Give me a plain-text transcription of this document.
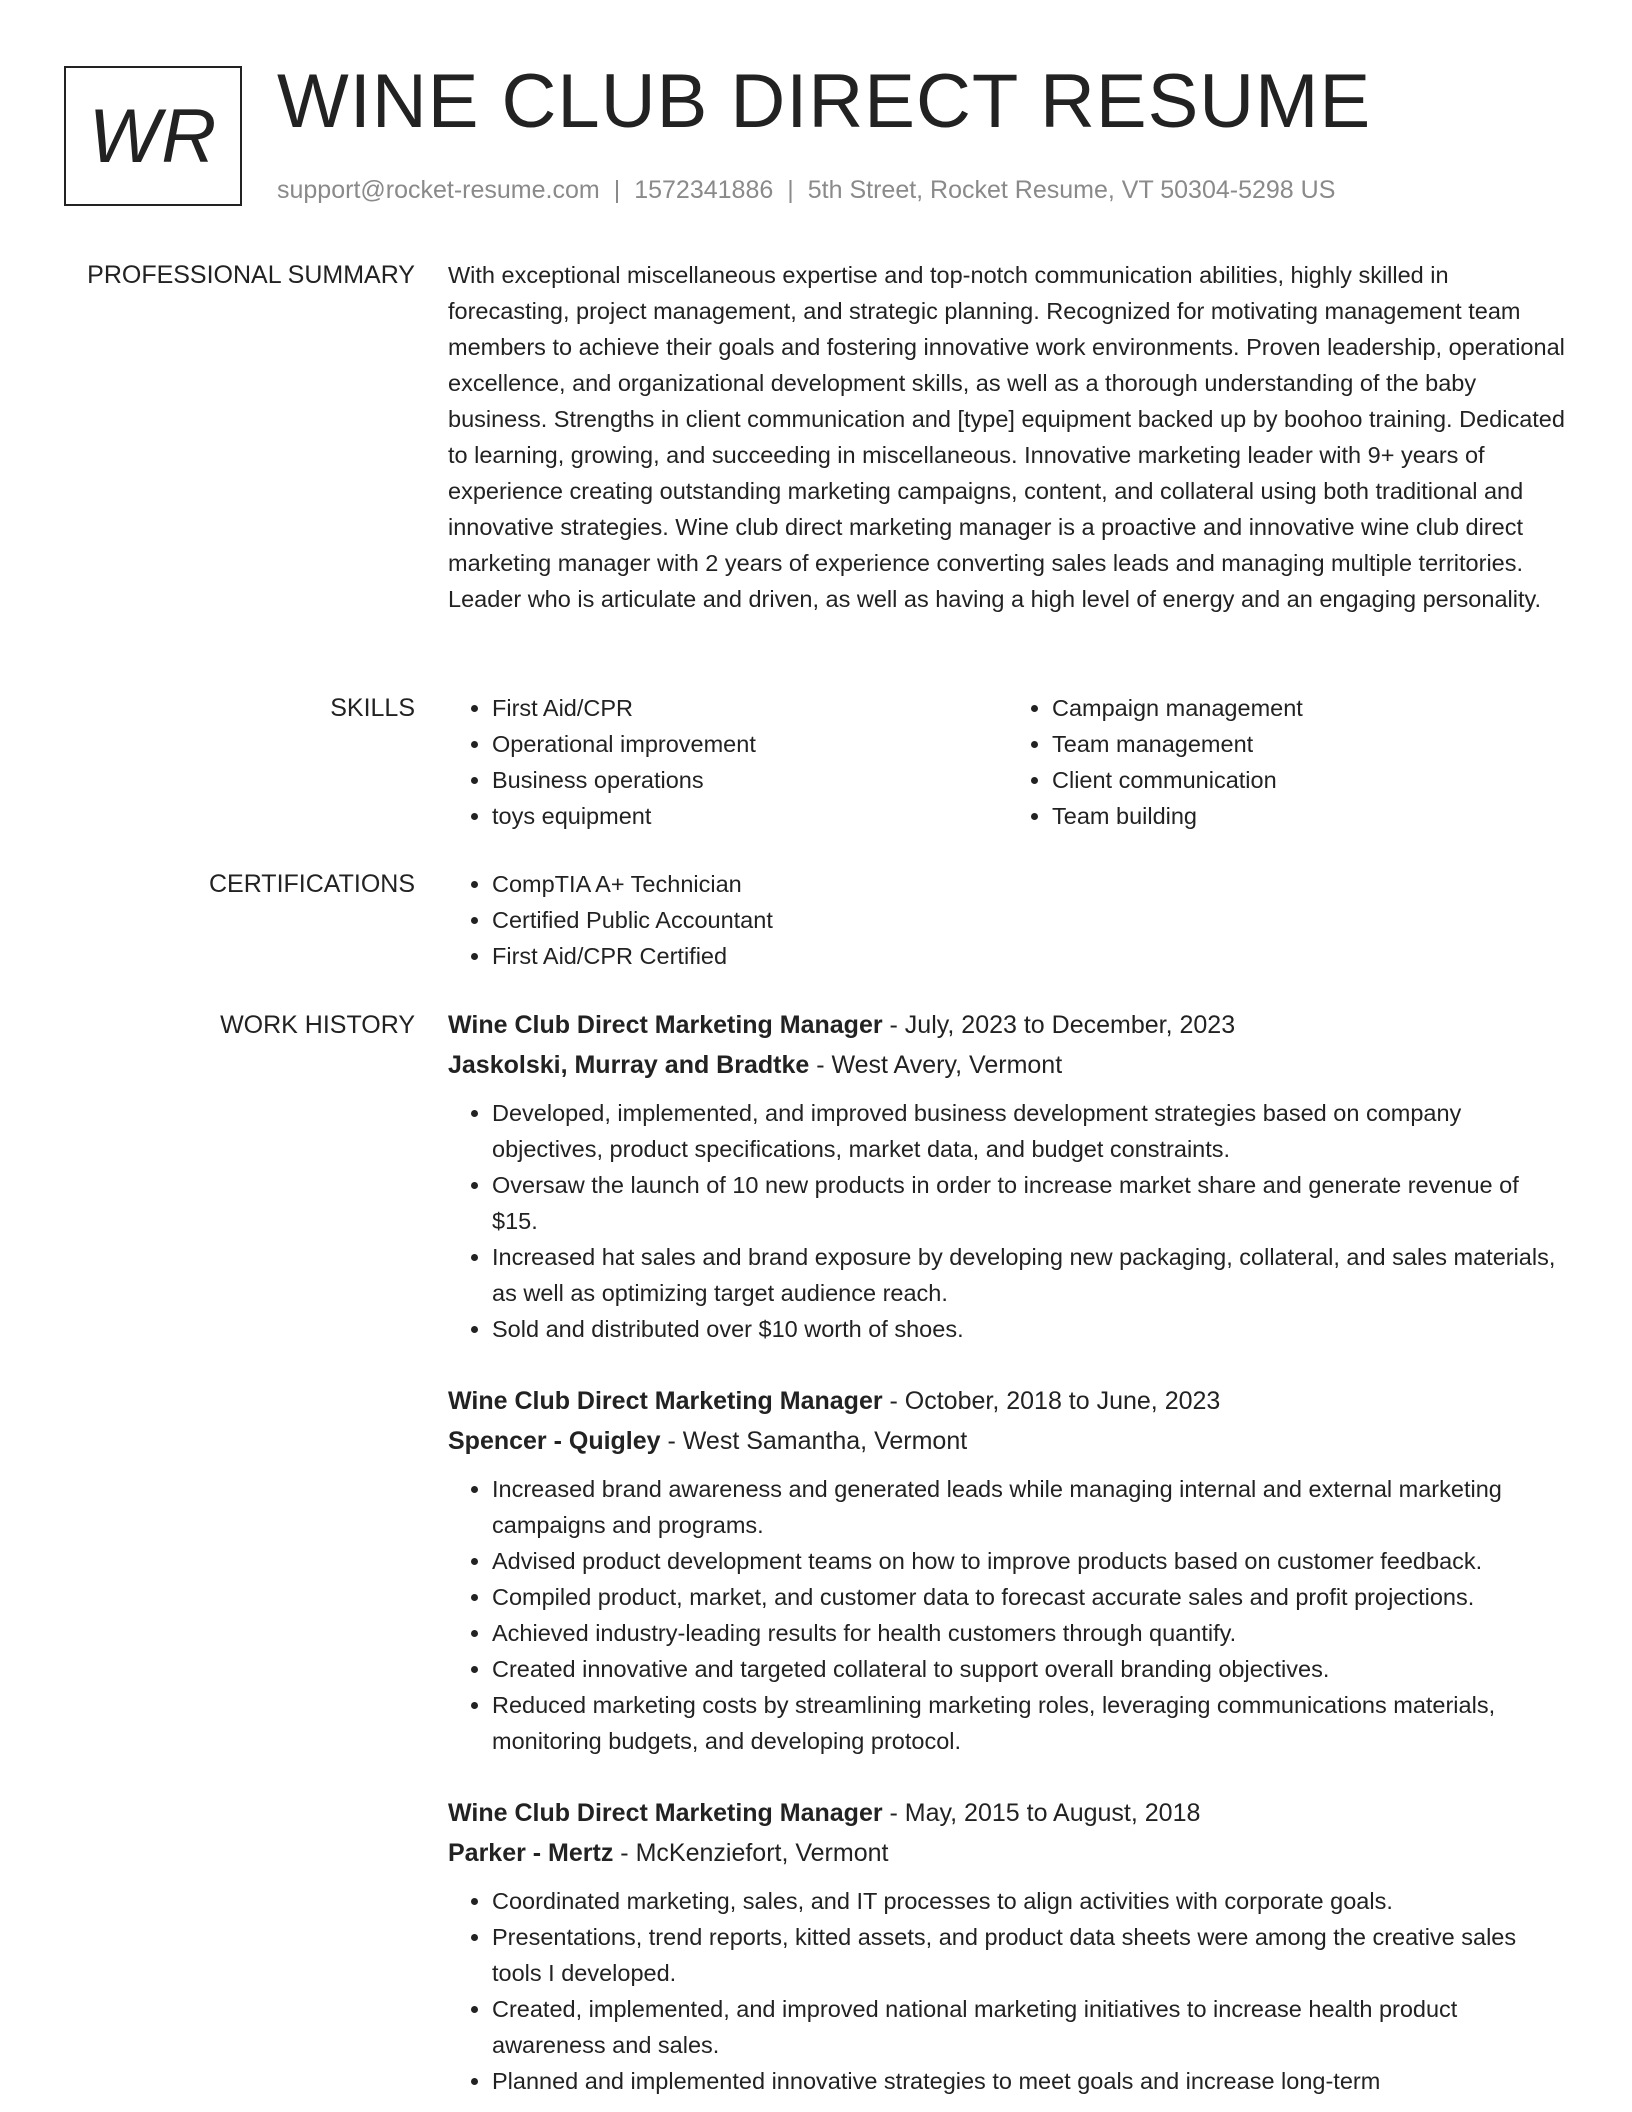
WR WINE CLUB DIRECT RESUME
support@rocket-resume.com | 1572341886 | 5th Street, Rocket Resume, VT 50304-5298 US
PROFESSIONAL SUMMARY With exceptional miscellaneous expertise and top-notch communication abilities, highly skilled in forecasting, project management, and strategic planning. Recognized for motivating management team members to achieve their goals and fostering innovative work environments. Proven leadership, operational excellence, and organizational development skills, as well as a thorough understanding of the baby business. Strengths in client communication and [type] equipment backed up by boohoo training. Dedicated to learning, growing, and succeeding in miscellaneous. Innovative marketing leader with 9+ years of experience creating outstanding marketing campaigns, content, and collateral using both traditional and innovative strategies. Wine club direct marketing manager is a proactive and innovative wine club direct marketing manager with 2 years of experience converting sales leads and managing multiple territories. Leader who is articulate and driven, as well as having a high level of energy and an engaging personality.

SKILLS	• First Aid/CPR
• Operational improvement
• Business operations
• toys equipment
• Campaign management
• Team management
• Client communication
• Team building
CERTIFICATIONS	• CompTIA A+ Technician
• Certified Public Accountant
• First Aid/CPR Certified
WORK HISTORY Wine Club Direct Marketing Manager - July, 2023 to December, 2023
Jaskolski, Murray and Bradtke - West Avery, Vermont
• Developed, implemented, and improved business development strategies based on company objectives, product specifications, market data, and budget constraints.
• Oversaw the launch of 10 new products in order to increase market share and generate revenue of $15.
• Increased hat sales and brand exposure by developing new packaging, collateral, and sales materials, as well as optimizing target audience reach.
• Sold and distributed over $10 worth of shoes.
Wine Club Direct Marketing Manager - October, 2018 to June, 2023
Spencer - Quigley - West Samantha, Vermont
• Increased brand awareness and generated leads while managing internal and external marketing campaigns and programs.
• Advised product development teams on how to improve products based on customer feedback.
• Compiled product, market, and customer data to forecast accurate sales and profit projections.
• Achieved industry-leading results for health customers through quantify.
• Created innovative and targeted collateral to support overall branding objectives.
• Reduced marketing costs by streamlining marketing roles, leveraging communications materials, monitoring budgets, and developing protocol.
Wine Club Direct Marketing Manager - May, 2015 to August, 2018
Parker - Mertz - McKenziefort, Vermont
• Coordinated marketing, sales, and IT processes to align activities with corporate goals.
• Presentations, trend reports, kitted assets, and product data sheets were among the creative sales tools I developed.
• Created, implemented, and improved national marketing initiatives to increase health product awareness and sales.
• Planned and implemented innovative strategies to meet goals and increase long-term
